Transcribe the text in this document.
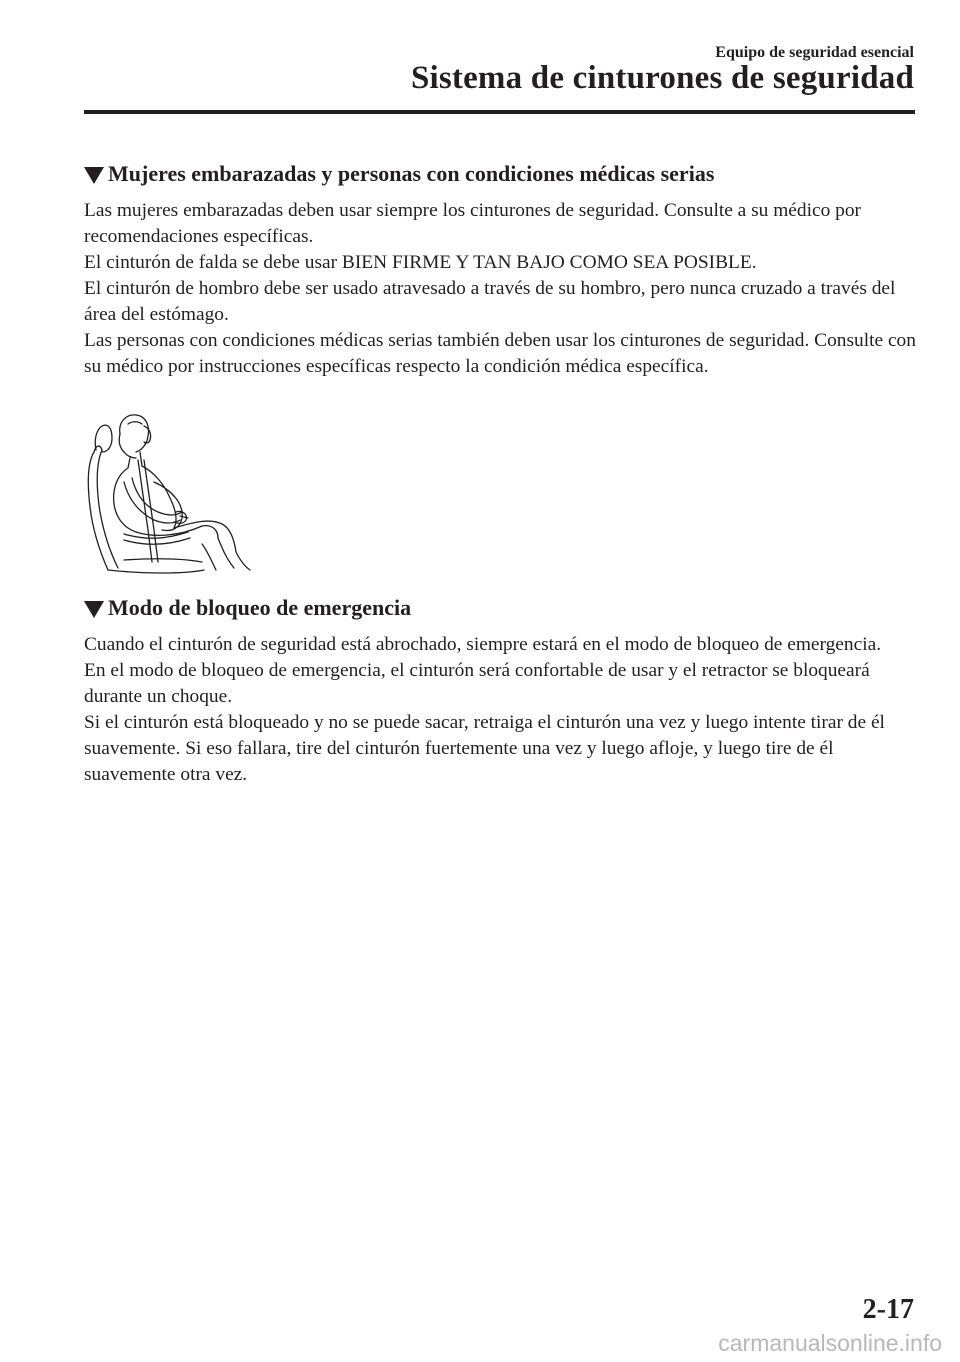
Equipo de seguridad esencial
Sistema de cinturones de seguridad
Mujeres embarazadas y personas con condiciones médicas serias

Las mujeres embarazadas deben usar siempre los cinturones de seguridad. Consulte a su médico por recomendaciones específicas.

El cinturón de falda se debe usar BIEN FIRME Y TAN BAJO COMO SEA POSIBLE.

El cinturón de hombro debe ser usado atravesado a través de su hombro, pero nunca cruzado a través del área del estómago.

Las personas con condiciones médicas serias también deben usar los cinturones de seguridad. Consulte con su médico por instrucciones específicas respecto la condición médica específica.

Modo de bloqueo de emergencia

Cuando el cinturón de seguridad está abrochado, siempre estará en el modo de bloqueo de emergencia.

En el modo de bloqueo de emergencia, el cinturón será confortable de usar y el retractor se bloqueará durante un choque.

Si el cinturón está bloqueado y no se puede sacar, retraiga el cinturón una vez y luego intente tirar de él suavemente. Si eso fallara, tire del cinturón fuertemente una vez y luego afloje, y luego tire de él suavemente otra vez.

2-17
carmanualsonline.info
